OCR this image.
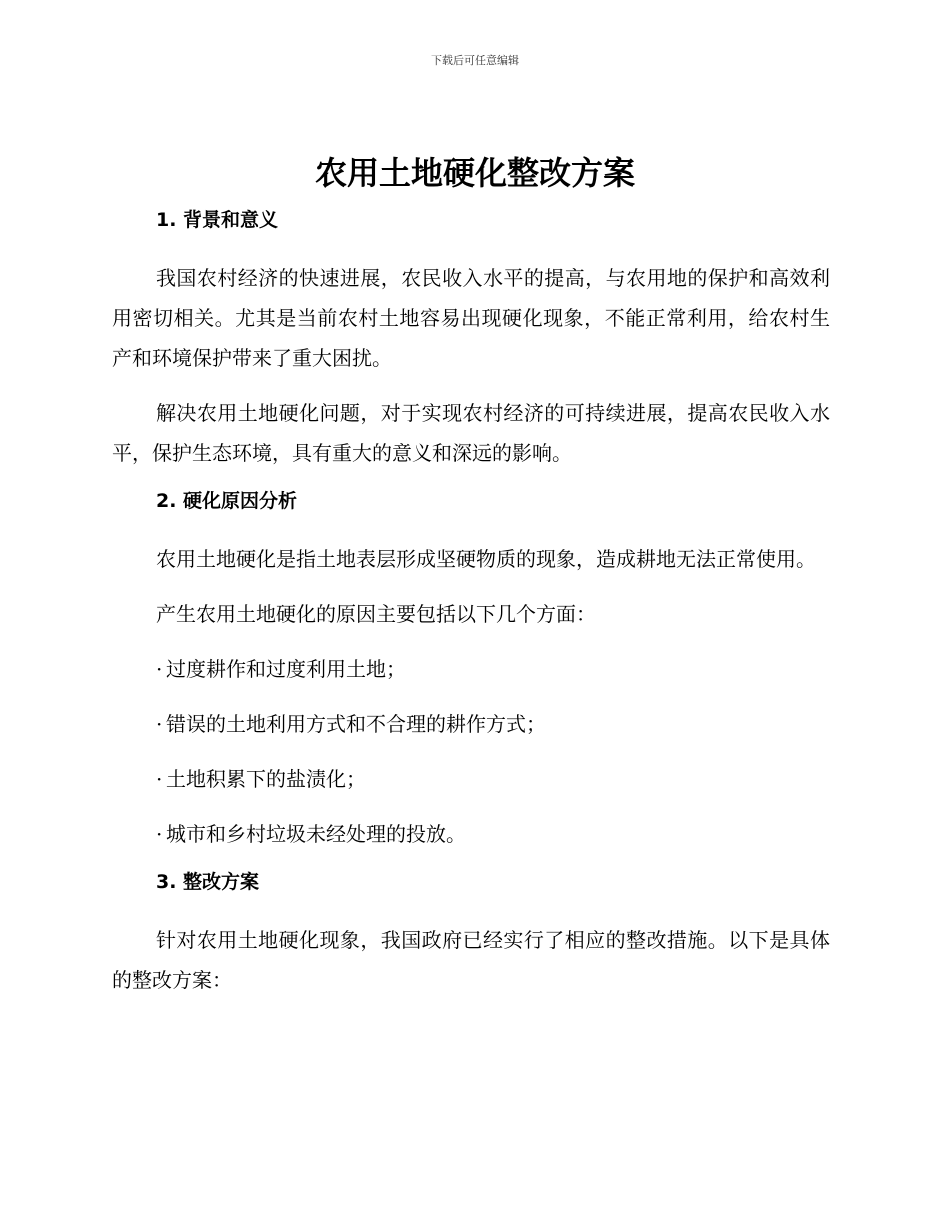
下载后可任意编辑
农用土地硬化整改方案
1. 背景和意义

我国农村经济的快速进展，农民收入水平的提高，与农用地的保护和高效利用密切相关。尤其是当前农村土地容易出现硬化现象，不能正常利用，给农村生产和环境保护带来了重大困扰。

解决农用土地硬化问题，对于实现农村经济的可持续进展，提高农民收入水平，保护生态环境，具有重大的意义和深远的影响。

2. 硬化原因分析

农用土地硬化是指土地表层形成坚硬物质的现象，造成耕地无法正常使用。

产生农用土地硬化的原因主要包括以下几个方面：

· 过度耕作和过度利用土地；
· 错误的土地利用方式和不合理的耕作方式；
· 土地积累下的盐渍化；
· 城市和乡村垃圾未经处理的投放。
3. 整改方案

针对农用土地硬化现象，我国政府已经实行了相应的整改措施。以下是具体的整改方案：
